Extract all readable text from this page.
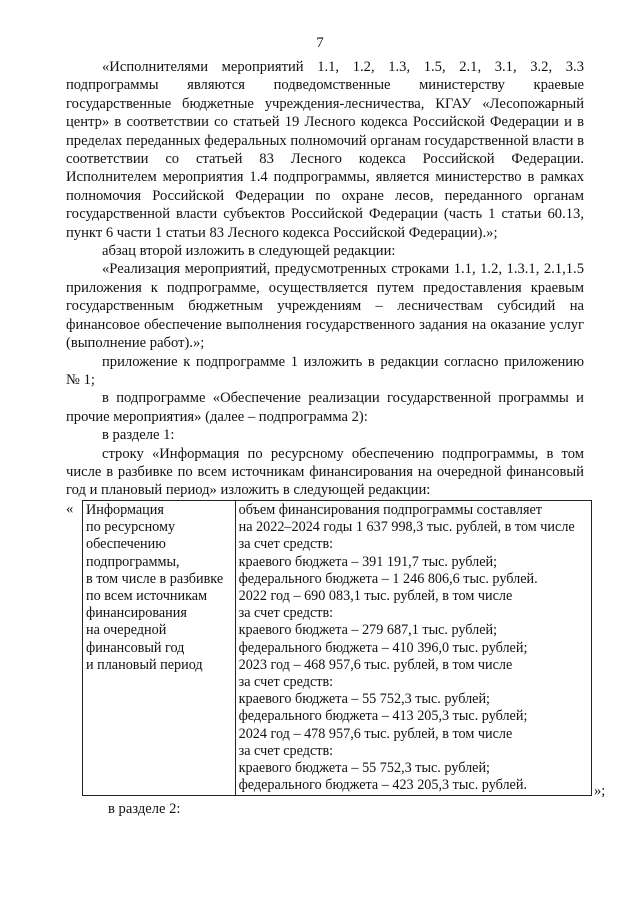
7

«Исполнителями мероприятий 1.1, 1.2, 1.3, 1.5, 2.1, 3.1, 3.2, 3.3 подпрограммы являются подведомственные министерству краевые государственные бюджетные учреждения-лесничества, КГАУ «Лесопожарный центр» в соответствии со статьей 19 Лесного кодекса Российской Федерации и в пределах переданных федеральных полномочий органам государственной власти в соответствии со статьей 83 Лесного кодекса Российской Федерации. Исполнителем мероприятия 1.4 подпрограммы, является министерство в рамках полномочия Российской Федерации по охране лесов, переданного органам государственной власти субъектов Российской Федерации (часть 1 статьи 60.13, пункт 6 части 1 статьи 83 Лесного кодекса Российской Федерации).»;

абзац второй изложить в следующей редакции:

«Реализация мероприятий, предусмотренных строками 1.1, 1.2, 1.3.1, 2.1,1.5 приложения к подпрограмме, осуществляется путем предоставления краевым государственным бюджетным учреждениям – лесничествам субсидий на финансовое обеспечение выполнения государственного задания на оказание услуг (выполнение работ).»;

приложение к подпрограмме 1 изложить в редакции согласно приложению № 1;

в подпрограмме «Обеспечение реализации государственной программы и прочие мероприятия» (далее – подпрограмма 2):

в разделе 1:

строку «Информация по ресурсному обеспечению подпрограммы, в том числе в разбивке по всем источникам финансирования на очередной финансовый год и плановый период» изложить в следующей редакции:

« Информация
по ресурсному
обеспечению
подпрограммы,
в том числе в разбивке
по всем источникам
финансирования
на очередной
финансовый год
и плановый период

объем финансирования подпрограммы составляет
на 2022–2024 годы 1 637 998,3 тыс. рублей, в том числе
за счет средств:
краевого бюджета – 391 191,7 тыс. рублей;
федерального бюджета – 1 246 806,6 тыс. рублей.
2022 год – 690 083,1 тыс. рублей, в том числе
за счет средств:
краевого бюджета – 279 687,1 тыс. рублей;
федерального бюджета – 410 396,0 тыс. рублей;
2023 год – 468 957,6 тыс. рублей, в том числе
за счет средств:
краевого бюджета – 55 752,3 тыс. рублей;
федерального бюджета – 413 205,3 тыс. рублей;
2024 год – 478 957,6 тыс. рублей, в том числе
за счет средств:
краевого бюджета – 55 752,3 тыс. рублей;
федерального бюджета – 423 205,3 тыс. рублей.	»;
в разделе 2:
